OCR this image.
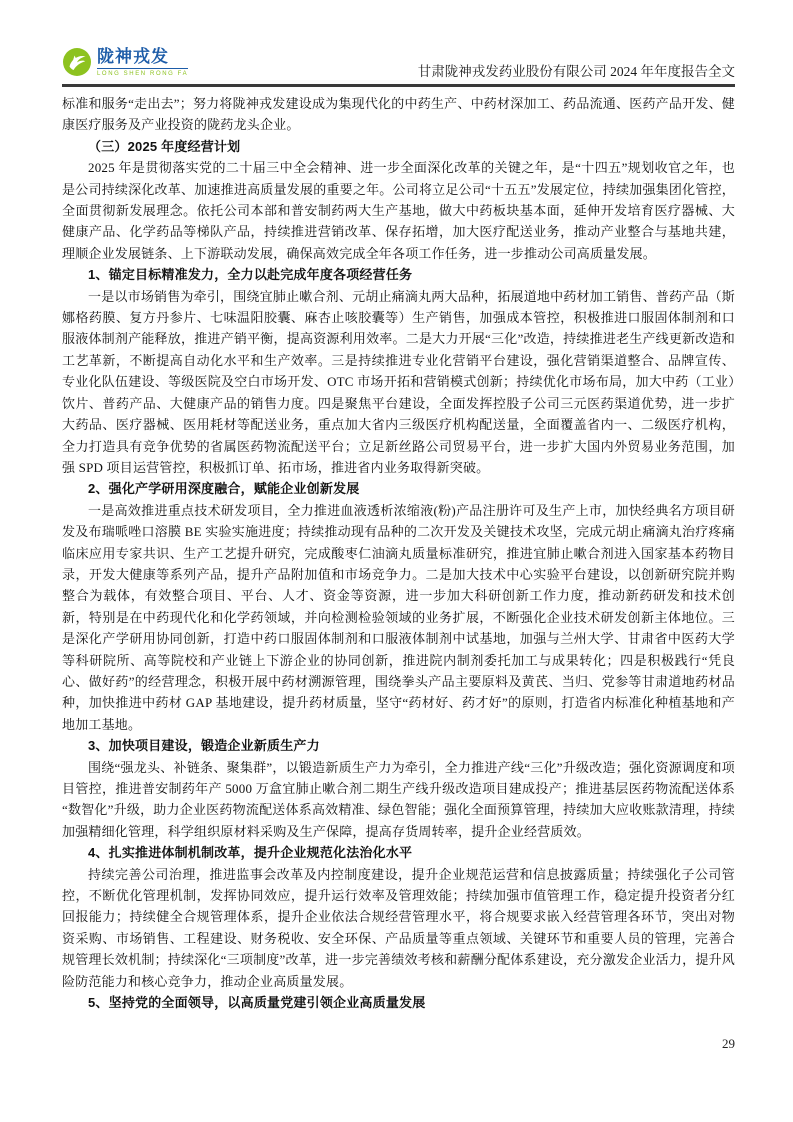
陇神戎发
LONG SHEN RONG FA	甘肃陇神戎发药业股份有限公司 2024 年年度报告全文

标准和服务“走出去”；努力将陇神戎发建设成为集现代化的中药生产、中药材深加工、药品流通、医药产品开发、健康医疗服务及产业投资的陇药龙头企业。

（三）2025 年度经营计划

2025 年是贯彻落实党的二十届三中全会精神、进一步全面深化改革的关键之年，是“十四五”规划收官之年，也是公司持续深化改革、加速推进高质量发展的重要之年。公司将立足公司“十五五”发展定位，持续加强集团化管控，全面贯彻新发展理念。依托公司本部和普安制药两大生产基地，做大中药板块基本面，延伸开发培育医疗器械、大健康产品、化学药品等梯队产品，持续推进营销改革、保存拓增，加大医疗配送业务，推动产业整合与基地共建，理顺企业发展链条、上下游联动发展，确保高效完成全年各项工作任务，进一步推动公司高质量发展。

1、锚定目标精准发力，全力以赴完成年度各项经营任务

一是以市场销售为牵引，围绕宜肺止嗽合剂、元胡止痛滴丸两大品种，拓展道地中药材加工销售、普药产品（斯娜格药膜、复方丹参片、七味温阳胶囊、麻杏止咳胶囊等）生产销售，加强成本管控，积极推进口服固体制剂和口服液体制剂产能释放，推进产销平衡，提高资源利用效率。二是大力开展“三化”改造，持续推进老生产线更新改造和工艺革新，不断提高自动化水平和生产效率。三是持续推进专业化营销平台建设，强化营销渠道整合、品牌宣传、专业化队伍建设、等级医院及空白市场开发、OTC 市场开拓和营销模式创新；持续优化市场布局，加大中药（工业）饮片、普药产品、大健康产品的销售力度。四是聚焦平台建设，全面发挥控股子公司三元医药渠道优势，进一步扩大药品、医疗器械、医用耗材等配送业务，重点加大省内三级医疗机构配送量，全面覆盖省内一、二级医疗机构，全力打造具有竞争优势的省属医药物流配送平台；立足新丝路公司贸易平台，进一步扩大国内外贸易业务范围，加强 SPD 项目运营管控，积极抓订单、拓市场，推进省内业务取得新突破。

2、强化产学研用深度融合，赋能企业创新发展

一是高效推进重点技术研发项目，全力推进血液透析浓缩液(粉)产品注册许可及生产上市，加快经典名方项目研发及布瑞哌唑口溶膜 BE 实验实施进度；持续推动现有品种的二次开发及关键技术攻坚，完成元胡止痛滴丸治疗疼痛临床应用专家共识、生产工艺提升研究，完成酸枣仁油滴丸质量标准研究，推进宜肺止嗽合剂进入国家基本药物目录，开发大健康等系列产品，提升产品附加值和市场竞争力。二是加大技术中心实验平台建设，以创新研究院并购整合为载体，有效整合项目、平台、人才、资金等资源，进一步加大科研创新工作力度，推动新药研发和技术创新，特别是在中药现代化和化学药领域，并向检测检验领域的业务扩展，不断强化企业技术研发创新主体地位。三是深化产学研用协同创新，打造中药口服固体制剂和口服液体制剂中试基地，加强与兰州大学、甘肃省中医药大学等科研院所、高等院校和产业链上下游企业的协同创新，推进院内制剂委托加工与成果转化；四是积极践行“凭良心、做好药”的经营理念，积极开展中药材溯源管理，围绕拳头产品主要原料及黄芪、当归、党参等甘肃道地药材品种，加快推进中药材 GAP 基地建设，提升药材质量，坚守“药材好、药才好”的原则，打造省内标准化种植基地和产地加工基地。

3、加快项目建设，锻造企业新质生产力

围绕“强龙头、补链条、聚集群”，以锻造新质生产力为牵引，全力推进产线“三化”升级改造；强化资源调度和项目管控，推进普安制药年产 5000 万盒宜肺止嗽合剂二期生产线升级改造项目建成投产；推进基层医药物流配送体系“数智化”升级，助力企业医药物流配送体系高效精准、绿色智能；强化全面预算管理，持续加大应收账款清理，持续加强精细化管理，科学组织原材料采购及生产保障，提高存货周转率，提升企业经营质效。

4、扎实推进体制机制改革，提升企业规范化法治化水平

持续完善公司治理，推进监事会改革及内控制度建设，提升企业规范运营和信息披露质量；持续强化子公司管控，不断优化管理机制，发挥协同效应，提升运行效率及管理效能；持续加强市值管理工作，稳定提升投资者分红回报能力；持续健全合规管理体系，提升企业依法合规经营管理水平，将合规要求嵌入经营管理各环节，突出对物资采购、市场销售、工程建设、财务税收、安全环保、产品质量等重点领域、关键环节和重要人员的管理，完善合规管理长效机制；持续深化“三项制度”改革，进一步完善绩效考核和薪酬分配体系建设，充分激发企业活力，提升风险防范能力和核心竞争力，推动企业高质量发展。

5、坚持党的全面领导，以高质量党建引领企业高质量发展

29
